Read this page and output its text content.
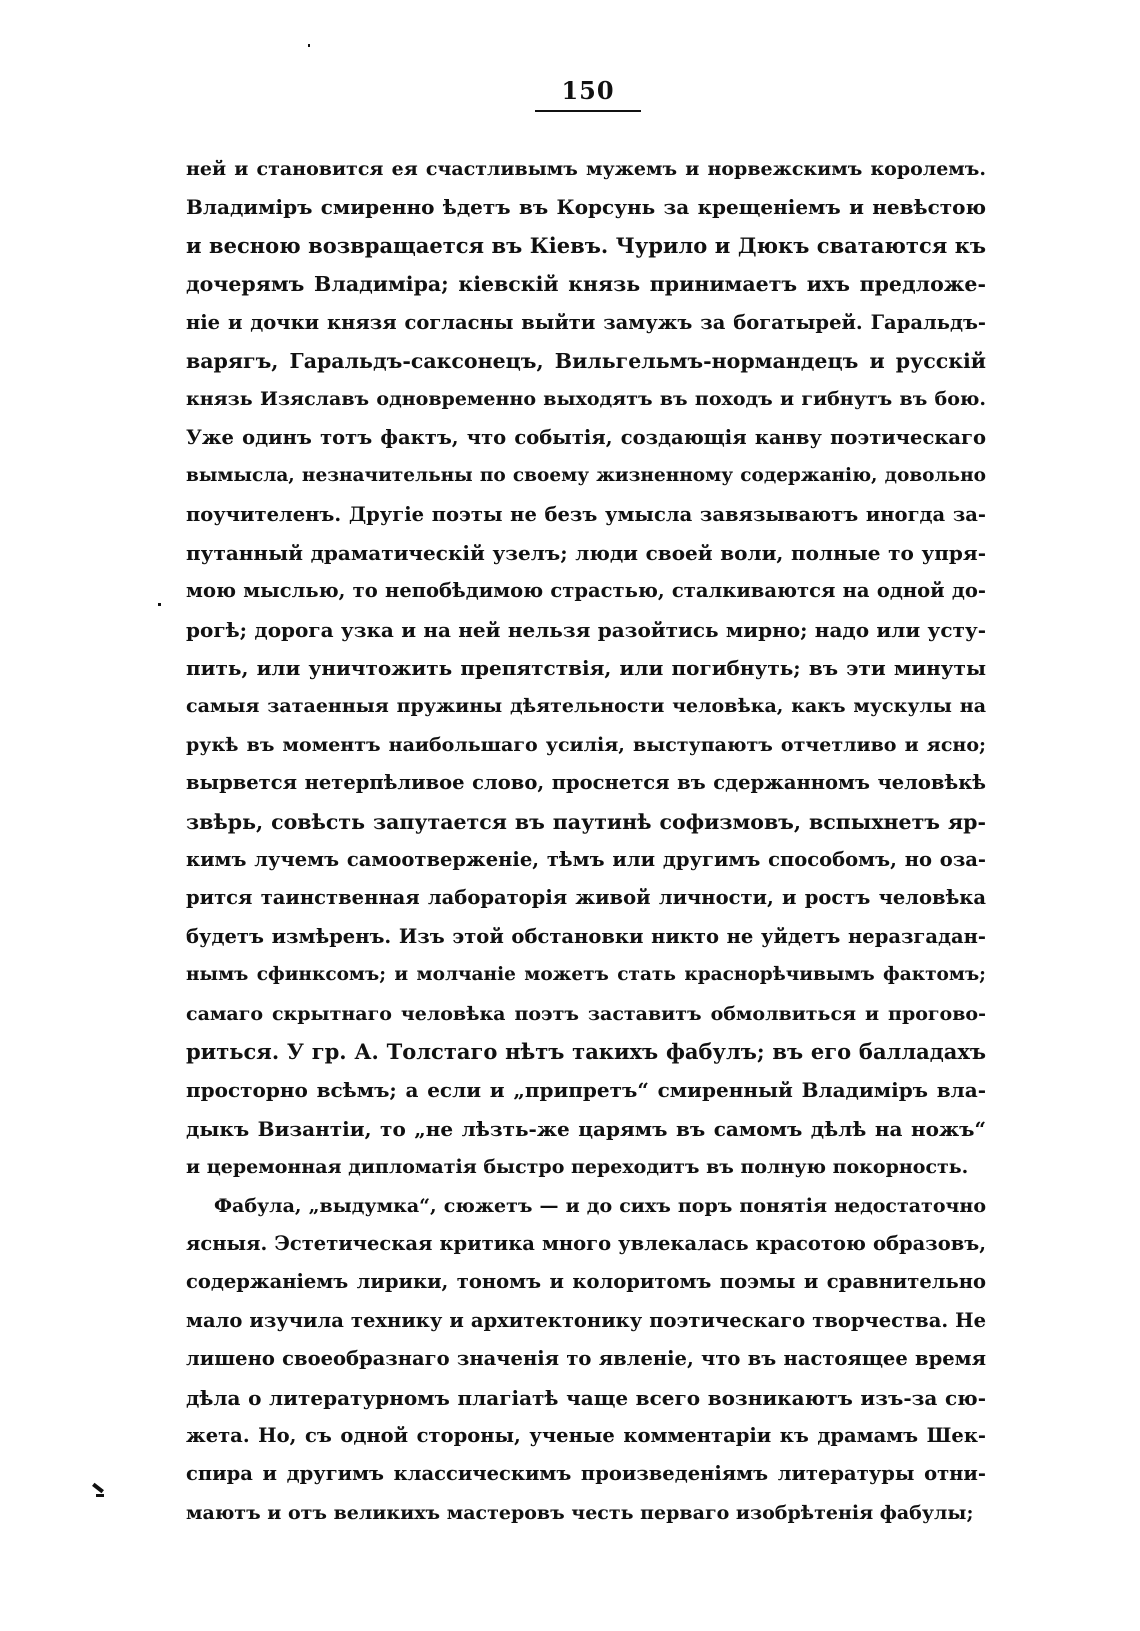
150
ней и становится ея счастливымъ мужемъ и норвежскимъ королемъ.
Владиміръ смиренно ѣдетъ въ Корсунь за крещеніемъ и невѣстою
и весною возвращается въ Кіевъ. Чурило и Дюкъ сватаются къ
дочерямъ Владиміра; кіевскій князь принимаетъ ихъ предложе-
ніе и дочки князя согласны выйти замужъ за богатырей. Гаральдъ-
варягъ, Гаральдъ-саксонецъ, Вильгельмъ-нормандецъ и русскій
князь Изяславъ одновременно выходятъ въ походъ и гибнутъ въ бою.
Уже одинъ тотъ фактъ, что событія, создающія канву поэтическаго
вымысла, незначительны по своему жизненному содержанію, довольно
поучителенъ. Другіе поэты не безъ умысла завязываютъ иногда за-
путанный драматическій узелъ; люди своей воли, полные то упря-
мою мыслью, то непобѣдимою страстью, сталкиваются на одной до-
рогѣ; дорога узка и на ней нельзя разойтись мирно; надо или усту-
пить, или уничтожить препятствія, или погибнуть; въ эти минуты
самыя затаенныя пружины дѣятельности человѣка, какъ мускулы на
рукѣ въ моментъ наибольшаго усилія, выступаютъ отчетливо и ясно;
вырвется нетерпѣливое слово, проснется въ сдержанномъ человѣкѣ
звѣрь, совѣсть запутается въ паутинѣ софизмовъ, вспыхнетъ яр-
кимъ лучемъ самоотверженіе, тѣмъ или другимъ способомъ, но оза-
рится таинственная лабораторія живой личности, и ростъ человѣка
будетъ измѣренъ. Изъ этой обстановки никто не уйдетъ неразгадан-
нымъ сфинксомъ; и молчаніе можетъ стать краснорѣчивымъ фактомъ;
самаго скрытнаго человѣка поэтъ заставитъ обмолвиться и прогово-
риться. У гр. А. Толстаго нѣтъ такихъ фабулъ; въ его балладахъ
просторно всѣмъ; а если и „припретъ“ смиренный Владиміръ вла-
дыкъ Византіи, то „не лѣзть-же царямъ въ самомъ дѣлѣ на ножъ“
и церемонная дипломатія быстро переходитъ въ полную покорность.
Фабула, „выдумка“, сюжетъ — и до сихъ поръ понятія недостаточно
ясныя. Эстетическая критика много увлекалась красотою образовъ,
содержаніемъ лирики, тономъ и колоритомъ поэмы и сравнительно
мало изучила технику и архитектонику поэтическаго творчества. Не
лишено своеобразнаго значенія то явленіе, что въ настоящее время
дѣла о литературномъ плагіатѣ чаще всего возникаютъ изъ-за сю-
жета. Но, съ одной стороны, ученые комментаріи къ драмамъ Шек-
спира и другимъ классическимъ произведеніямъ литературы отни-
маютъ и отъ великихъ мастеровъ честь перваго изобрѣтенія фабулы;
